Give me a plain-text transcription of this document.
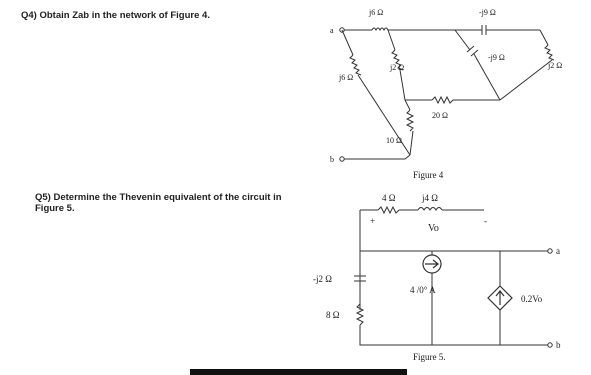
Q4) Obtain Zab in the network of Figure 4.
Q5) Determine the Thevenin equivalent of the circuit in Figure 5.
a
j6 Ω	-j9 Ω
j6 Ω
j2 Ω
10 Ω
20 Ω
-j9 Ω
j2 Ω
b
Figure 4
4 Ω	j4 Ω
+	-
Vo
a
4 /0° A
-j2 Ω
8 Ω
0.2Vo
b
Figure 5.
